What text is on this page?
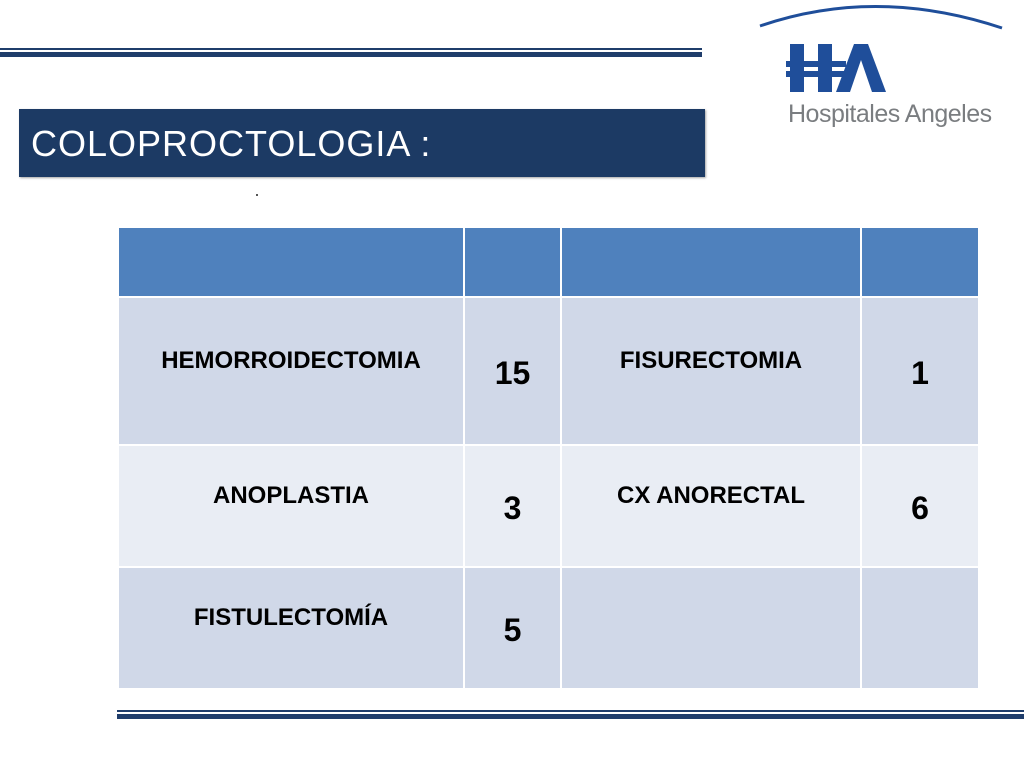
Hospitales Angeles
COLOPROCTOLOGIA :

HEMORROIDECTOMIA	15	FISURECTOMIA	1
ANOPLASTIA	3	CX ANORECTAL	6
FISTULECTOMÍA	5		
